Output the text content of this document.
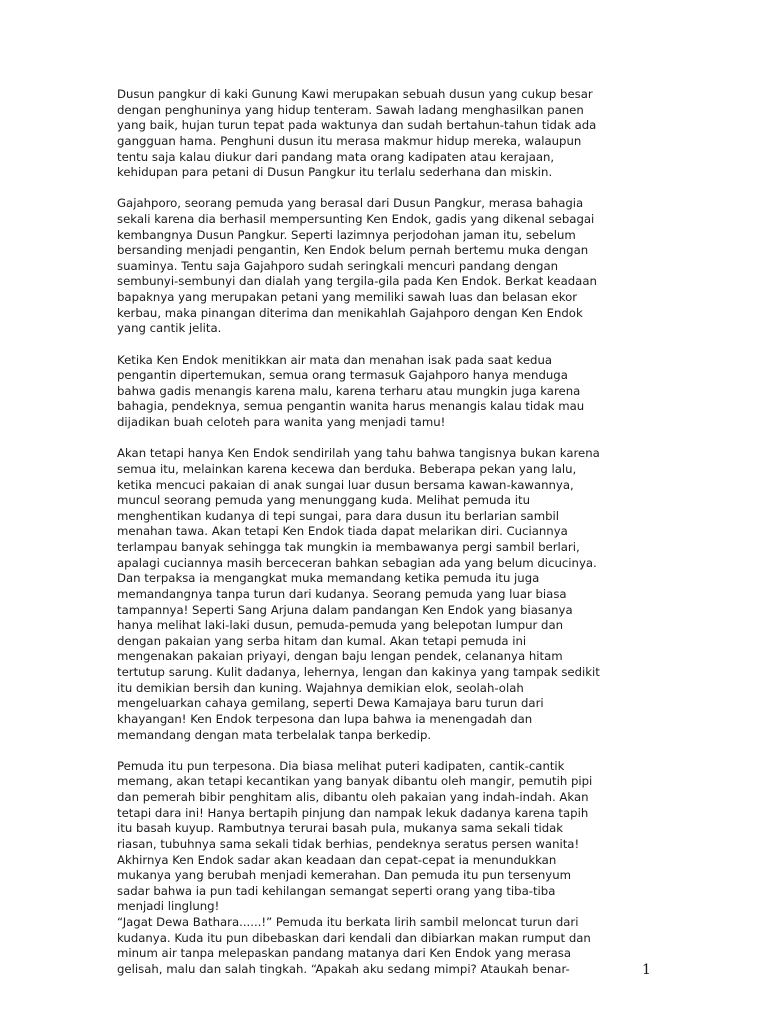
Dusun pangkur di kaki Gunung Kawi merupakan sebuah dusun yang cukup besar
dengan penghuninya yang hidup tenteram. Sawah ladang menghasilkan panen
yang baik, hujan turun tepat pada waktunya dan sudah bertahun-tahun tidak ada
gangguan hama. Penghuni dusun itu merasa makmur hidup mereka, walaupun
tentu saja kalau diukur dari pandang mata orang kadipaten atau kerajaan,
kehidupan para petani di Dusun Pangkur itu terlalu sederhana dan miskin.
Gajahporo, seorang pemuda yang berasal dari Dusun Pangkur, merasa bahagia
sekali karena dia berhasil mempersunting Ken Endok, gadis yang dikenal sebagai
kembangnya Dusun Pangkur. Seperti lazimnya perjodohan jaman itu, sebelum
bersanding menjadi pengantin, Ken Endok belum pernah bertemu muka dengan
suaminya. Tentu saja Gajahporo sudah seringkali mencuri pandang dengan
sembunyi-sembunyi dan dialah yang tergila-gila pada Ken Endok. Berkat keadaan
bapaknya yang merupakan petani yang memiliki sawah luas dan belasan ekor
kerbau, maka pinangan diterima dan menikahlah Gajahporo dengan Ken Endok
yang cantik jelita.
Ketika Ken Endok menitikkan air mata dan menahan isak pada saat kedua
pengantin dipertemukan, semua orang termasuk Gajahporo hanya menduga
bahwa gadis menangis karena malu, karena terharu atau mungkin juga karena
bahagia, pendeknya, semua pengantin wanita harus menangis kalau tidak mau
dijadikan buah celoteh para wanita yang menjadi tamu!
Akan tetapi hanya Ken Endok sendirilah yang tahu bahwa tangisnya bukan karena
semua itu, melainkan karena kecewa dan berduka. Beberapa pekan yang lalu,
ketika mencuci pakaian di anak sungai luar dusun bersama kawan-kawannya,
muncul seorang pemuda yang menunggang kuda. Melihat pemuda itu
menghentikan kudanya di tepi sungai, para dara dusun itu berlarian sambil
menahan tawa. Akan tetapi Ken Endok tiada dapat melarikan diri. Cuciannya
terlampau banyak sehingga tak mungkin ia membawanya pergi sambil berlari,
apalagi cuciannya masih berceceran bahkan sebagian ada yang belum dicucinya.
Dan terpaksa ia mengangkat muka memandang ketika pemuda itu juga
memandangnya tanpa turun dari kudanya. Seorang pemuda yang luar biasa
tampannya! Seperti Sang Arjuna dalam pandangan Ken Endok yang biasanya
hanya melihat laki-laki dusun, pemuda-pemuda yang belepotan lumpur dan
dengan pakaian yang serba hitam dan kumal. Akan tetapi pemuda ini
mengenakan pakaian priyayi, dengan baju lengan pendek, celananya hitam
tertutup sarung. Kulit dadanya, lehernya, lengan dan kakinya yang tampak sedikit
itu demikian bersih dan kuning. Wajahnya demikian elok, seolah-olah
mengeluarkan cahaya gemilang, seperti Dewa Kamajaya baru turun dari
khayangan! Ken Endok terpesona dan lupa bahwa ia menengadah dan
memandang dengan mata terbelalak tanpa berkedip.
Pemuda itu pun terpesona. Dia biasa melihat puteri kadipaten, cantik-cantik
memang, akan tetapi kecantikan yang banyak dibantu oleh mangir, pemutih pipi
dan pemerah bibir penghitam alis, dibantu oleh pakaian yang indah-indah. Akan
tetapi dara ini! Hanya bertapih pinjung dan nampak lekuk dadanya karena tapih
itu basah kuyup. Rambutnya terurai basah pula, mukanya sama sekali tidak
riasan, tubuhnya sama sekali tidak berhias, pendeknya seratus persen wanita!
Akhirnya Ken Endok sadar akan keadaan dan cepat-cepat ia menundukkan
mukanya yang berubah menjadi kemerahan. Dan pemuda itu pun tersenyum
sadar bahwa ia pun tadi kehilangan semangat seperti orang yang tiba-tiba
menjadi linglung!
“Jagat Dewa Bathara......!” Pemuda itu berkata lirih sambil meloncat turun dari
kudanya. Kuda itu pun dibebaskan dari kendali dan dibiarkan makan rumput dan
minum air tanpa melepaskan pandang matanya dari Ken Endok yang merasa
gelisah, malu dan salah tingkah. “Apakah aku sedang mimpi? Ataukah benar-	1
